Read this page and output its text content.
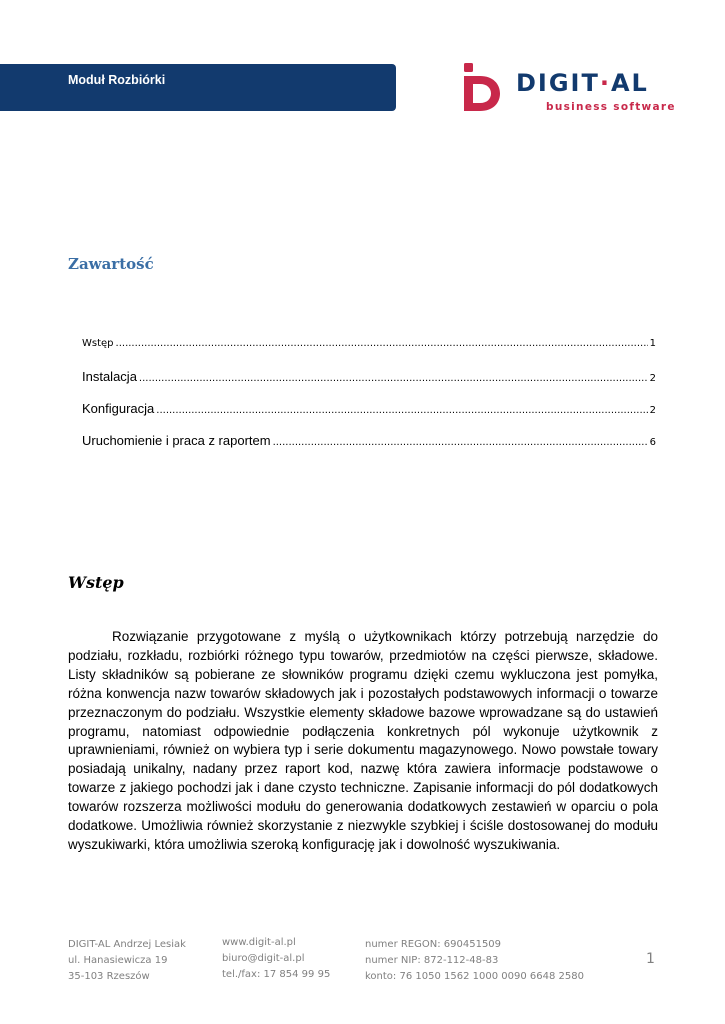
Moduł Rozbiórki	DIGIT·AL
business software
Zawartość
Wstęp .....	1
Instalacja .....	2
Konfiguracja .....	2
Uruchomienie i praca z raportem .....	6
Wstęp

Rozwiązanie przygotowane z myślą o użytkownikach którzy potrzebują narzędzie do podziału, rozkładu, rozbiórki różnego typu towarów, przedmiotów na części pierwsze, składowe. Listy składników są pobierane ze słowników programu dzięki czemu wykluczona jest pomyłka, różna konwencja nazw towarów składowych jak i pozostałych podstawowych informacji o towarze przeznaczonym do podziału. Wszystkie elementy składowe bazowe wprowadzane są do ustawień programu, natomiast odpowiednie podłączenia konkretnych pól wykonuje użytkownik z uprawnieniami, również on wybiera typ i serie dokumentu magazynowego. Nowo powstałe towary posiadają unikalny, nadany przez raport kod, nazwę która zawiera informacje podstawowe o towarze z jakiego pochodzi jak i dane czysto techniczne. Zapisanie informacji do pól dodatkowych towarów rozszerza możliwości modułu do generowania dodatkowych zestawień w oparciu o pola dodatkowe. Umożliwia również skorzystanie z niezwykle szybkiej i ściśle dostosowanej do modułu wyszukiwarki, która umożliwia szeroką konfigurację jak i dowolność wyszukiwania.

DIGIT-AL Andrzej Lesiak
ul. Hanasiewicza 19
35-103 Rzeszów
www.digit-al.pl
biuro@digit-al.pl
tel./fax: 17 854 99 95
numer REGON: 690451509
numer NIP: 872-112-48-83
konto: 76 1050 1562 1000 0090 6648 2580
1
